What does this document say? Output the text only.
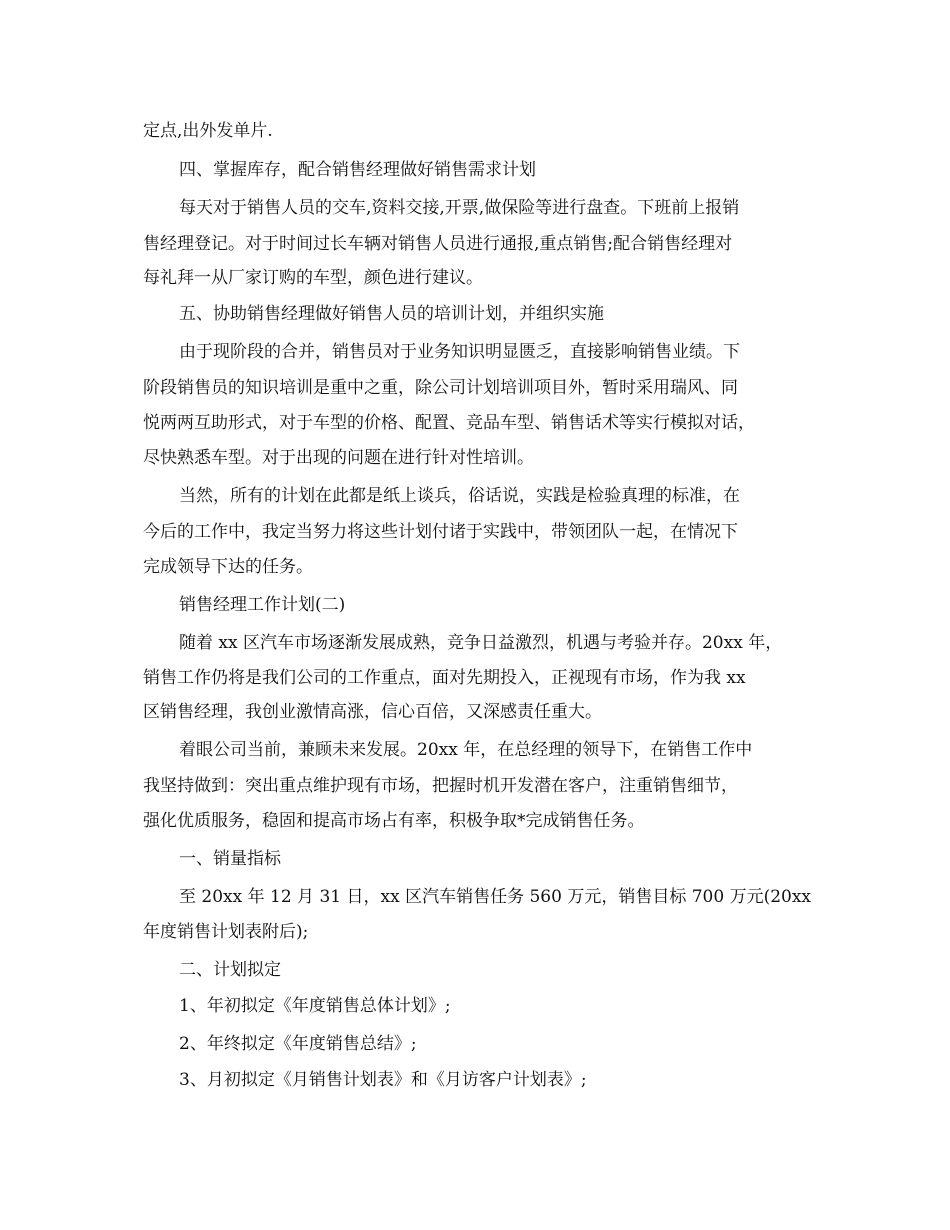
定点,出外发单片.
四、掌握库存，配合销售经理做好销售需求计划
每天对于销售人员的交车,资料交接,开票,做保险等进行盘查。下班前上报销
售经理登记。对于时间过长车辆对销售人员进行通报,重点销售;配合销售经理对
每礼拜一从厂家订购的车型，颜色进行建议。
五、协助销售经理做好销售人员的培训计划，并组织实施
由于现阶段的合并，销售员对于业务知识明显匮乏，直接影响销售业绩。下
阶段销售员的知识培训是重中之重，除公司计划培训项目外，暂时采用瑞风、同
悦两两互助形式，对于车型的价格、配置、竞品车型、销售话术等实行模拟对话，
尽快熟悉车型。对于出现的问题在进行针对性培训。
当然，所有的计划在此都是纸上谈兵，俗话说，实践是检验真理的标准，在
今后的工作中，我定当努力将这些计划付诸于实践中，带领团队一起，在情况下
完成领导下达的任务。
销售经理工作计划(二)
随着 xx 区汽车市场逐渐发展成熟，竞争日益激烈，机遇与考验并存。20xx 年，
销售工作仍将是我们公司的工作重点，面对先期投入，正视现有市场，作为我 xx
区销售经理，我创业激情高涨，信心百倍，又深感责任重大。
着眼公司当前，兼顾未来发展。20xx 年，在总经理的领导下，在销售工作中
我坚持做到：突出重点维护现有市场，把握时机开发潜在客户，注重销售细节，
强化优质服务，稳固和提高市场占有率，积极争取*完成销售任务。
一、销量指标
至 20xx 年 12 月 31 日，xx 区汽车销售任务 560 万元，销售目标 700 万元(20xx
年度销售计划表附后);
二、计划拟定
1、年初拟定《年度销售总体计划》;
2、年终拟定《年度销售总结》;
3、月初拟定《月销售计划表》和《月访客户计划表》;
